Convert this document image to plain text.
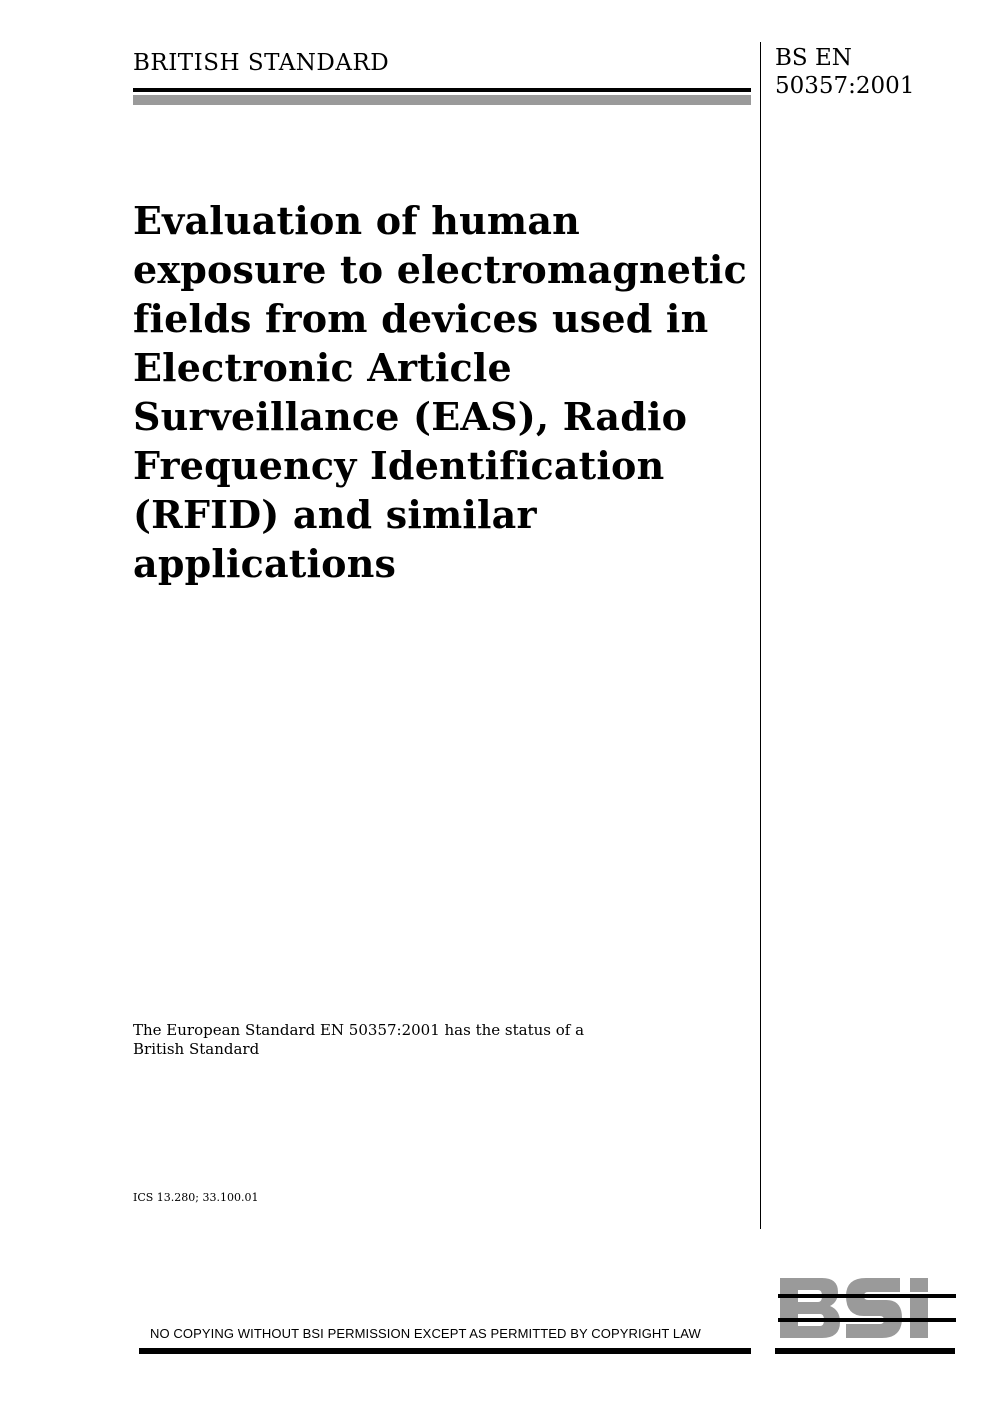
BRITISH STANDARD	BS EN
50357:2001
Evaluation of human
exposure to electromagnetic
fields from devices used in
Electronic Article
Surveillance (EAS), Radio
Frequency Identification
(RFID) and similar
applications
The European Standard EN 50357:2001 has the status of a
British Standard
ICS 13.280; 33.100.01
NO COPYING WITHOUT BSI PERMISSION EXCEPT AS PERMITTED BY COPYRIGHT LAW
